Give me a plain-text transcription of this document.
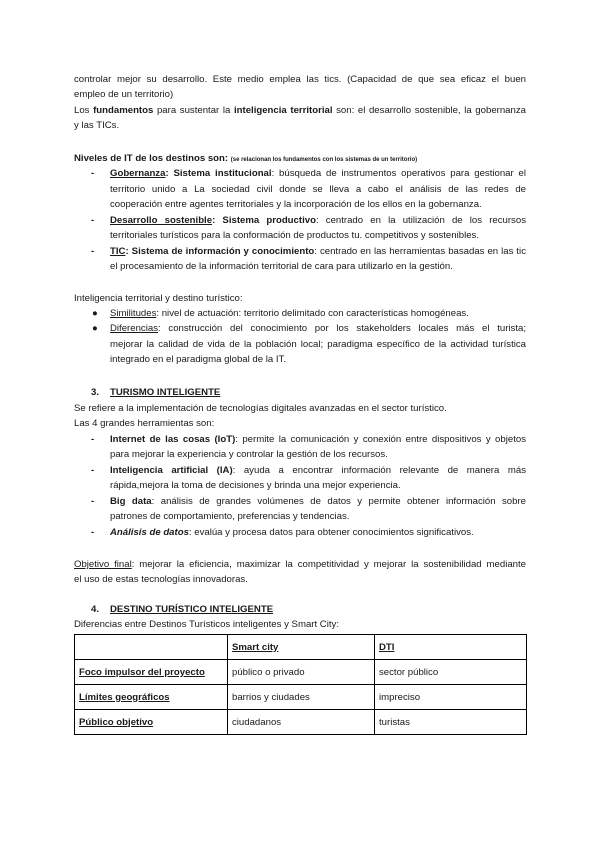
controlar mejor su desarrollo. Este medio emplea las tics. (Capacidad de que sea eficaz el buen
empleo de un territorio)
Los fundamentos para sustentar la inteligencia territorial son: el desarrollo sostenible, la gobernanza
y las TICs.
Niveles de IT de los destinos son: (se relacionan los fundamentos con los sistemas de un territorio)
- Gobernanza: Sistema institucional: búsqueda de instrumentos operativos para gestionar el
territorio unido a La sociedad civil donde se lleva a cabo el análisis de las redes de
cooperación entre agentes territoriales y la incorporación de los ellos en la gobernanza.
- Desarrollo sostenible: Sistema productivo: centrado en la utilización de los recursos
territoriales turísticos para la conformación de productos tu. competitivos y sostenibles.
- TIC: Sistema de información y conocimiento: centrado en las herramientas basadas en las tic
el procesamiento de la información territorial de cara para utilizarlo en la gestión.
Inteligencia territorial y destino turístico:
● Similitudes: nivel de actuación: territorio delimitado con características homogéneas.
● Diferencias: construcción del conocimiento por los stakeholders locales más el turista;
mejorar la calidad de vida de la población local; paradigma específico de la actividad turística
integrado en el paradigma global de la IT.
3. TURISMO INTELIGENTE
Se refiere a la implementación de tecnologías digitales avanzadas en el sector turístico.
Las 4 grandes herramientas son:
- Internet de las cosas (IoT): permite la comunicación y conexión entre dispositivos y objetos
para mejorar la experiencia y controlar la gestión de los recursos.
- Inteligencia artificial (IA): ayuda a encontrar información relevante de manera más
rápida,mejora la toma de decisiones y brinda una mejor experiencia.
- Big data: análisis de grandes volúmenes de datos y permite obtener información sobre
patrones de comportamiento, preferencias y tendencias.
- Análisis de datos: evalúa y procesa datos para obtener conocimientos significativos.
Objetivo final: mejorar la eficiencia, maximizar la competitividad y mejorar la sostenibilidad mediante
el uso de estas tecnologías innovadoras.
4. DESTINO TURÍSTICO INTELIGENTE
Diferencias entre Destinos Turísticos inteligentes y Smart City:
	Smart city	DTI
Foco impulsor del proyecto	público o privado	sector público
Límites geográficos	barrios y ciudades	impreciso
Público objetivo	ciudadanos	turistas
